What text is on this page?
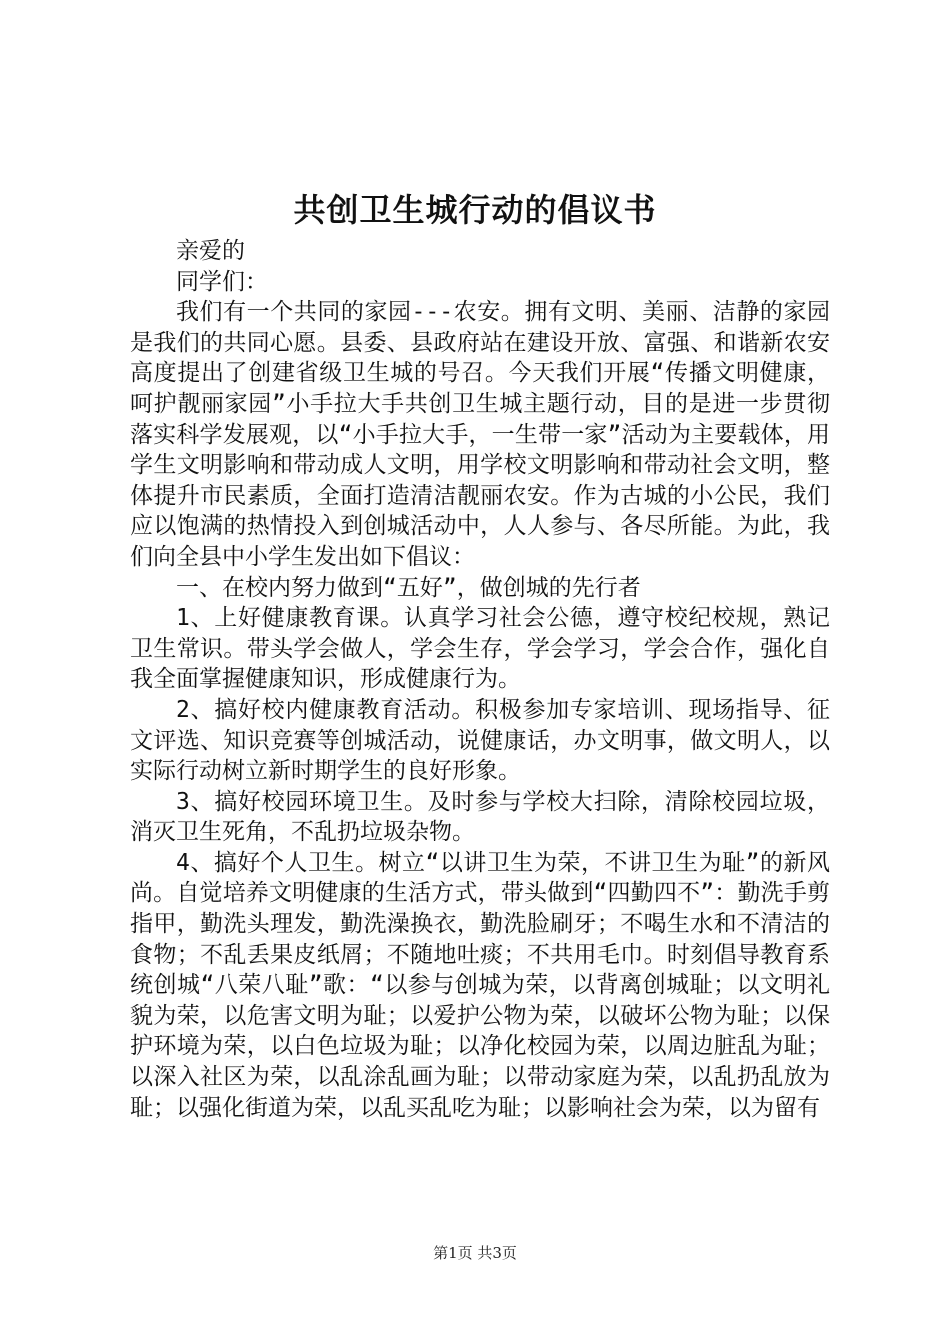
共创卫生城行动的倡议书

亲爱的

同学们：

我们有一个共同的家园---农安。拥有文明、美丽、洁静的家园是我们的共同心愿。县委、县政府站在建设开放、富强、和谐新农安高度提出了创建省级卫生城的号召。今天我们开展“传播文明健康，呵护靓丽家园”小手拉大手共创卫生城主题行动，目的是进一步贯彻落实科学发展观，以“小手拉大手，一生带一家”活动为主要载体，用学生文明影响和带动成人文明，用学校文明影响和带动社会文明，整体提升市民素质，全面打造清洁靓丽农安。作为古城的小公民，我们应以饱满的热情投入到创城活动中，人人参与、各尽所能。为此，我们向全县中小学生发出如下倡议：

一、在校内努力做到“五好”，做创城的先行者

1、上好健康教育课。认真学习社会公德，遵守校纪校规，熟记卫生常识。带头学会做人，学会生存，学会学习，学会合作，强化自我全面掌握健康知识，形成健康行为。

2、搞好校内健康教育活动。积极参加专家培训、现场指导、征文评选、知识竞赛等创城活动，说健康话，办文明事，做文明人，以实际行动树立新时期学生的良好形象。

3、搞好校园环境卫生。及时参与学校大扫除，清除校园垃圾，消灭卫生死角，不乱扔垃圾杂物。

4、搞好个人卫生。树立“以讲卫生为荣，不讲卫生为耻”的新风尚。自觉培养文明健康的生活方式，带头做到“四勤四不”：勤洗手剪指甲，勤洗头理发，勤洗澡换衣，勤洗脸刷牙；不喝生水和不清洁的食物；不乱丢果皮纸屑；不随地吐痰；不共用毛巾。时刻倡导教育系统创城“八荣八耻”歌：“以参与创城为荣，以背离创城耻；以文明礼貌为荣，以危害文明为耻；以爱护公物为荣，以破坏公物为耻；以保护环境为荣，以白色垃圾为耻；以净化校园为荣，以周边脏乱为耻；以深入社区为荣，以乱涂乱画为耻；以带动家庭为荣，以乱扔乱放为耻；以强化街道为荣，以乱买乱吃为耻；以影响社会为荣，以为留有

第1页 共3页
